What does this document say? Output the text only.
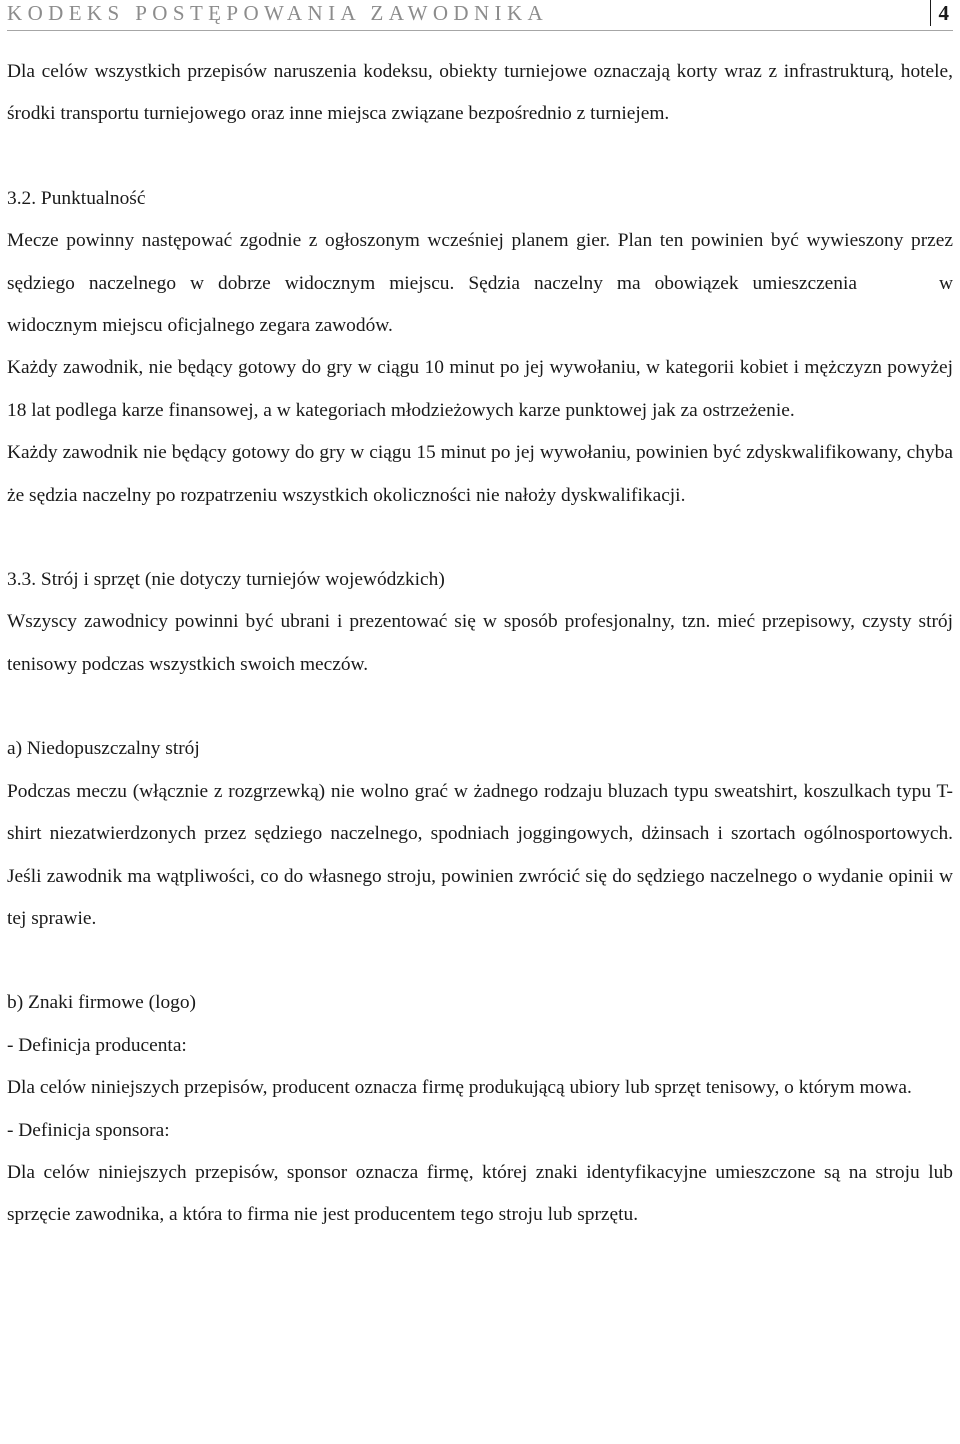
KODEKS POSTĘPOWANIA ZAWODNIKA	4

Dla celów wszystkich przepisów naruszenia kodeksu, obiekty turniejowe oznaczają korty wraz z infrastrukturą, hotele, środki transportu turniejowego oraz inne miejsca związane bezpośrednio z turniejem.

3.2. Punktualność

Mecze powinny następować zgodnie z ogłoszonym wcześniej planem gier. Plan ten powinien być wywieszony przez sędziego naczelnego w dobrze widocznym miejscu. Sędzia naczelny ma obowiązek umieszczenia	w widocznym miejscu oficjalnego zegara zawodów.

Każdy zawodnik, nie będący gotowy do gry w ciągu 10 minut po jej wywołaniu, w kategorii kobiet i mężczyzn powyżej 18 lat podlega karze finansowej, a w kategoriach młodzieżowych karze punktowej jak za ostrzeżenie.

Każdy zawodnik nie będący gotowy do gry w ciągu 15 minut po jej wywołaniu, powinien być zdyskwalifikowany, chyba że sędzia naczelny po rozpatrzeniu wszystkich okoliczności nie nałoży dyskwalifikacji.

3.3. Strój i sprzęt (nie dotyczy turniejów wojewódzkich)

Wszyscy zawodnicy powinni być ubrani i prezentować się w sposób profesjonalny, tzn. mieć przepisowy, czysty strój tenisowy podczas wszystkich swoich meczów.

a) Niedopuszczalny strój

Podczas meczu (włącznie z rozgrzewką) nie wolno grać w żadnego rodzaju bluzach typu sweatshirt, koszulkach typu T-shirt niezatwierdzonych przez sędziego naczelnego, spodniach joggingowych, dżinsach i szortach ogólnosportowych. Jeśli zawodnik ma wątpliwości, co do własnego stroju, powinien zwrócić się do sędziego naczelnego o wydanie opinii w tej sprawie.

b) Znaki firmowe (logo)

- Definicja producenta:

Dla celów niniejszych przepisów, producent oznacza firmę produkującą ubiory lub sprzęt tenisowy, o którym mowa.

- Definicja sponsora:

Dla celów niniejszych przepisów, sponsor oznacza firmę, której znaki identyfikacyjne umieszczone są na stroju lub sprzęcie zawodnika, a która to firma nie jest producentem tego stroju lub sprzętu.
